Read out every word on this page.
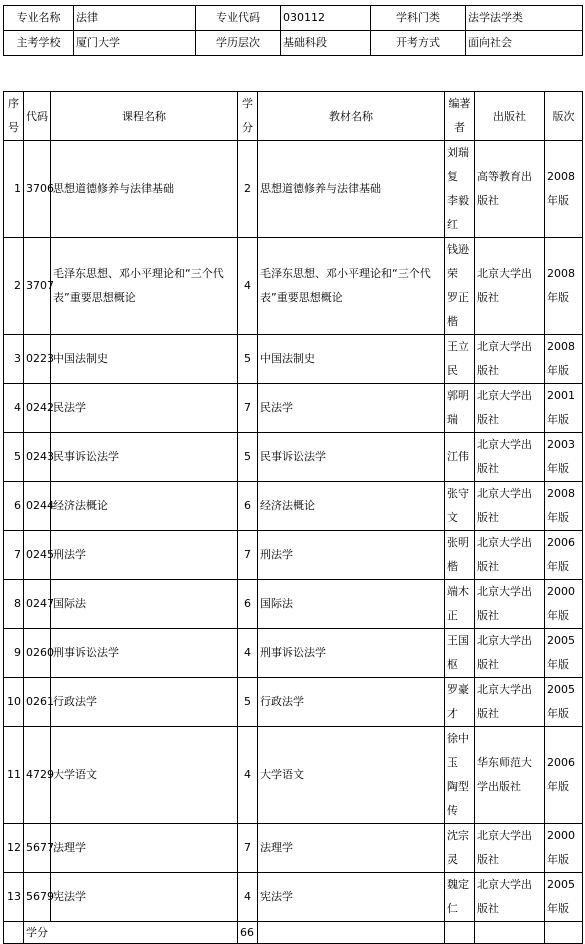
专业名称	法律	专业代码	030112	学科门类	法学法学类
主考学校	厦门大学	学历层次	基础科段	开考方式	面向社会
序号	代码	课程名称	学分	教材名称	编著者	出版社	版次
1	3706	思想道德修养与法律基础	2	思想道德修养与法律基础	刘瑞复 李毅红	高等教育出版社	2008年版
2	3707	毛泽东思想、邓小平理论和“三个代表”重要思想概论	4	毛泽东思想、邓小平理论和“三个代表”重要思想概论	钱逊荣 罗正楷	北京大学出版社	2008年版
3	0223	中国法制史	5	中国法制史	王立民	北京大学出版社	2008年版
4	0242	民法学	7	民法学	郭明瑞	北京大学出版社	2001年版
5	0243	民事诉讼法学	5	民事诉讼法学	江伟	北京大学出版社	2003年版
6	0244	经济法概论	6	经济法概论	张守文	北京大学出版社	2008年版
7	0245	刑法学	7	刑法学	张明楷	北京大学出版社	2006年版
8	0247	国际法	6	国际法	端木正	北京大学出版社	2000年版
9	0260	刑事诉讼法学	4	刑事诉讼法学	王国枢	北京大学出版社	2005年版
10	0261	行政法学	5	行政法学	罗豪才	北京大学出版社	2005年版
11	4729	大学语文	4	大学语文	徐中玉 陶型传	华东师范大学出版社	2006年版
12	5677	法理学	7	法理学	沈宗灵	北京大学出版社	2000年版
13	5679	宪法学	4	宪法学	魏定仁	北京大学出版社	2005年版
	学分		66				
